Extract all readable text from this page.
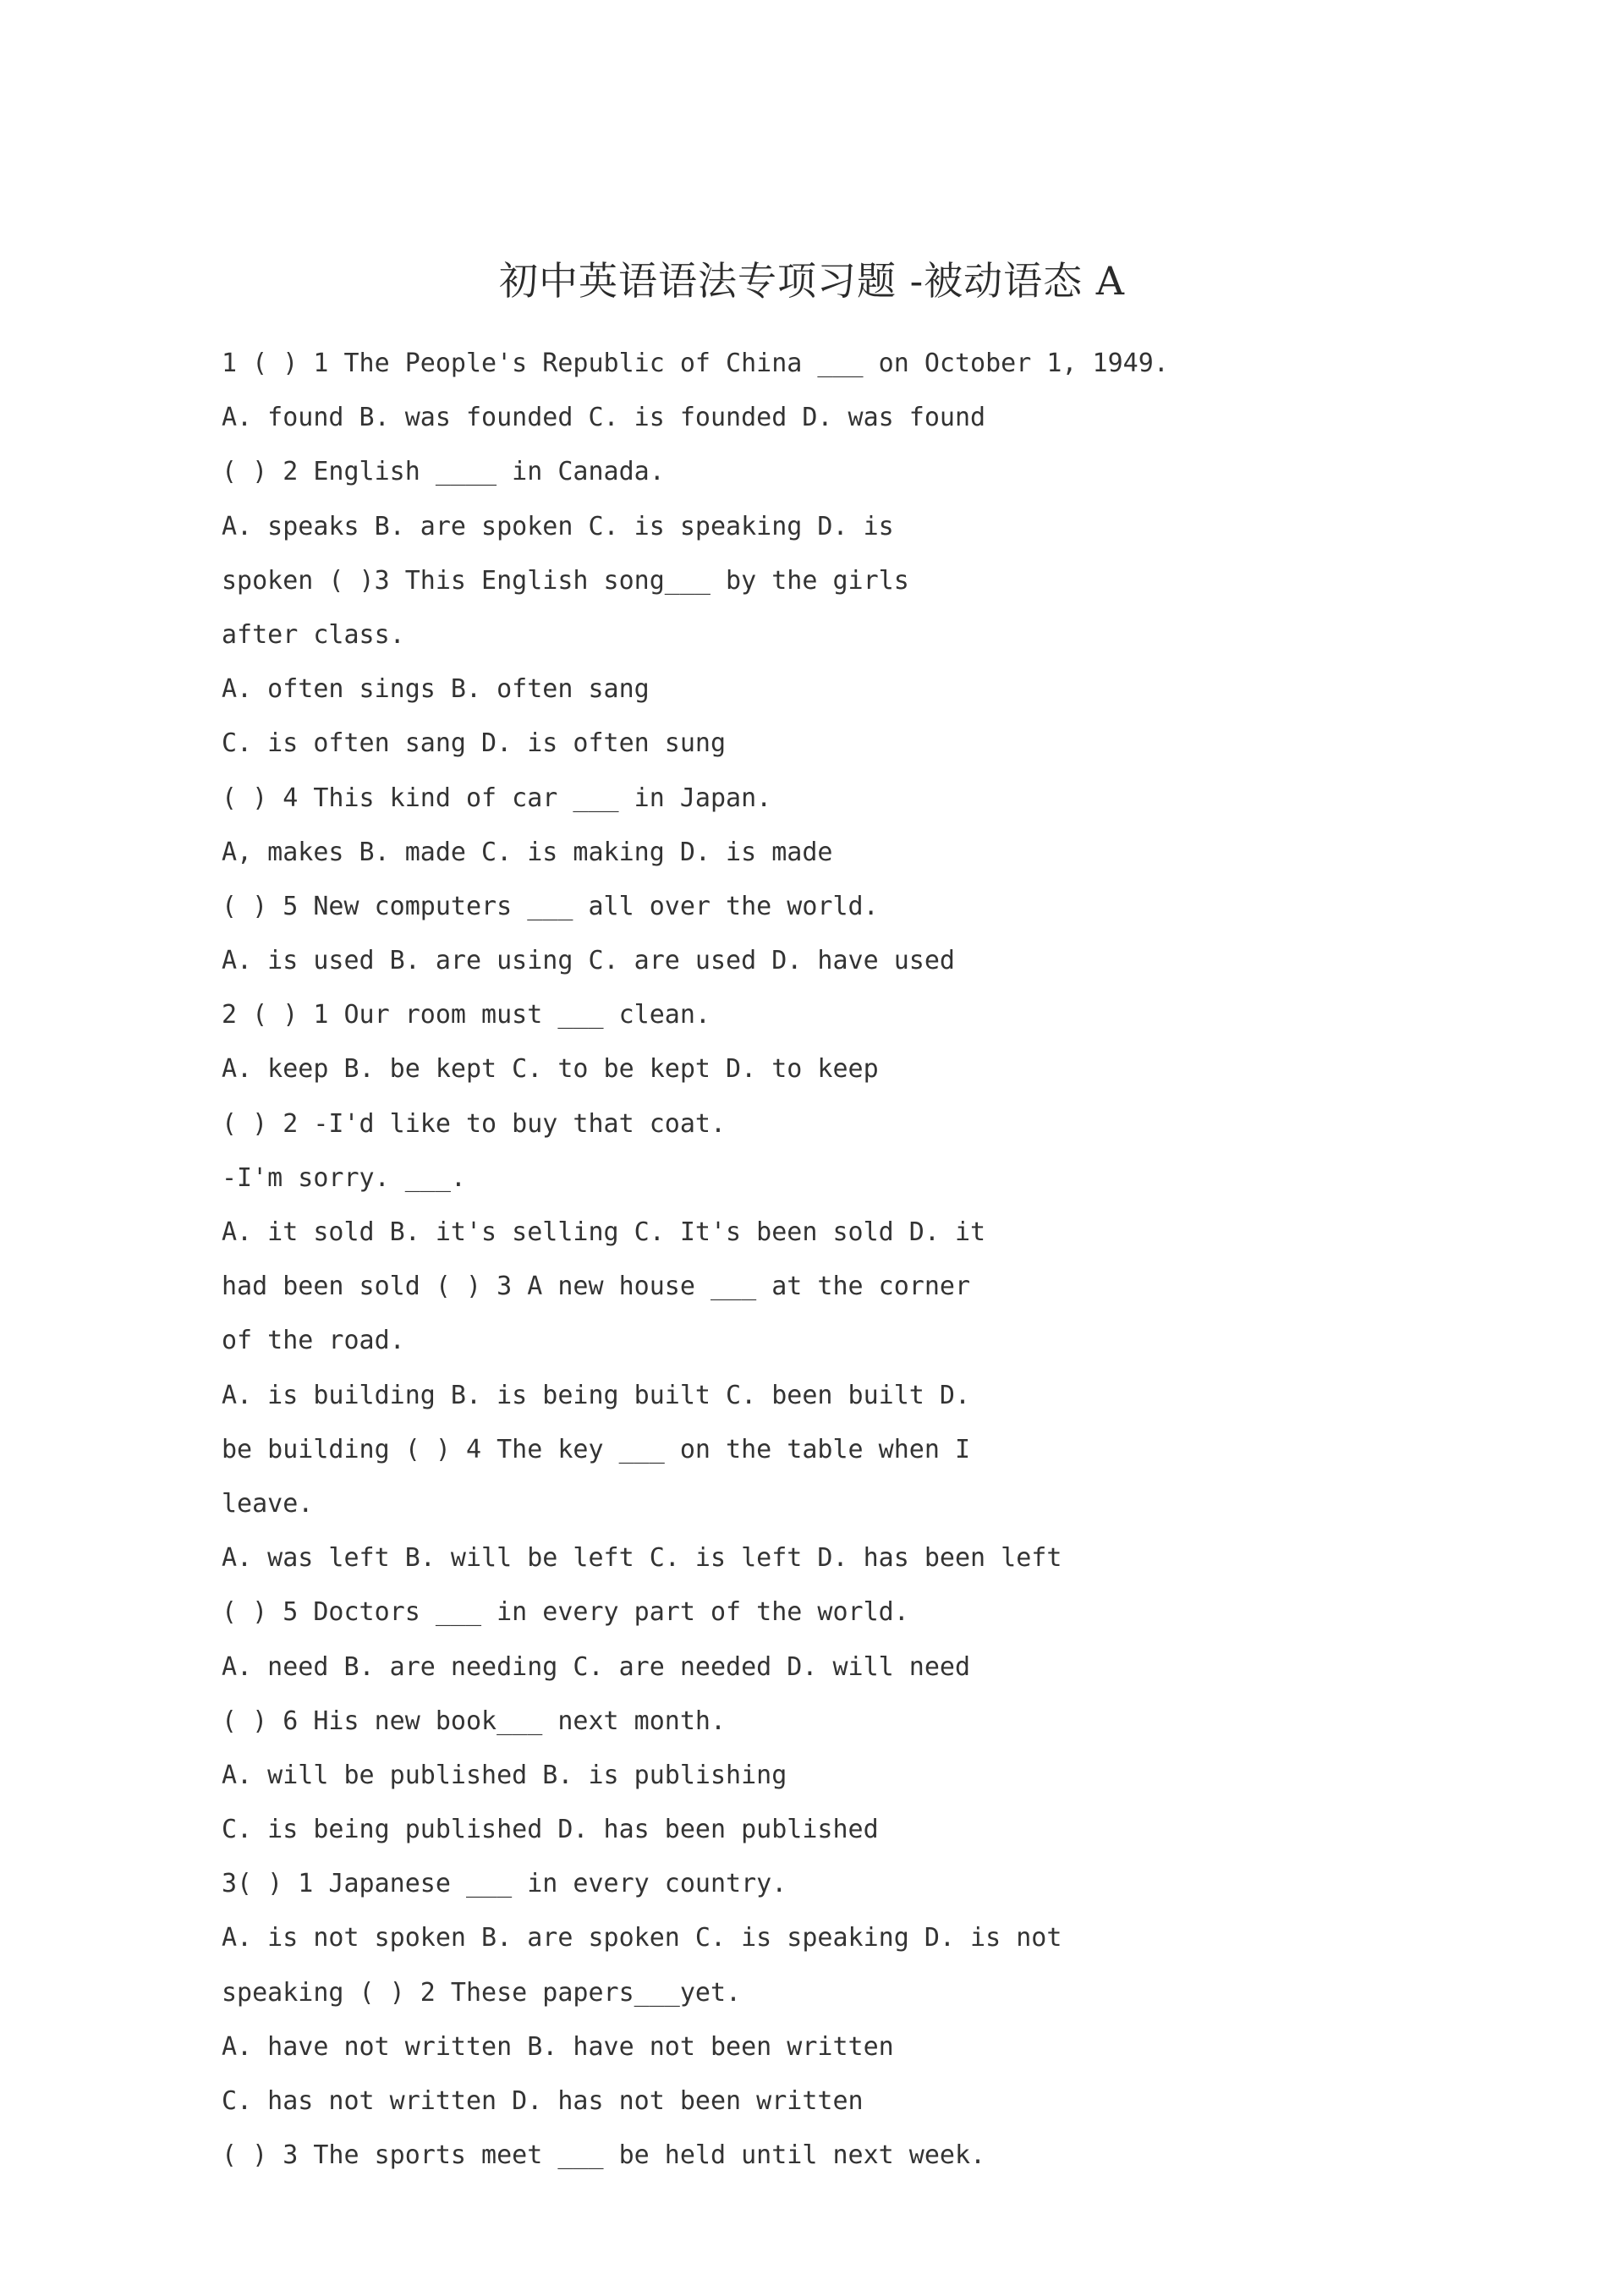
初中英语语法专项习题 -被动语态 A
1 ( ) 1 The People's Republic of China ___ on October 1, 1949.
A. found B. was founded C. is founded D. was found
( ) 2 English ____ in Canada.
A. speaks B. are spoken C. is speaking D. is
spoken ( )3 This English song___ by the girls
after class.
A. often sings B. often sang
C. is often sang D. is often sung
( ) 4 This kind of car ___ in Japan.
A, makes B. made C. is making D. is made
( ) 5 New computers ___ all over the world.
A. is used B. are using C. are used D. have used
2 ( ) 1 Our room must ___ clean.
A. keep B. be kept C. to be kept D. to keep
( ) 2 -I'd like to buy that coat.
-I'm sorry. ___.
A. it sold B. it's selling C. It's been sold D. it
had been sold ( ) 3 A new house ___ at the corner
of the road.
A. is building B. is being built C. been built D.
be building ( ) 4 The key ___ on the table when I
leave.
A. was left B. will be left C. is left D. has been left
( ) 5 Doctors ___ in every part of the world.
A. need B. are needing C. are needed D. will need
( ) 6 His new book___ next month.
A. will be published B. is publishing
C. is being published D. has been published
3( ) 1 Japanese ___ in every country.
A. is not spoken B. are spoken C. is speaking D. is not
speaking ( ) 2 These papers___yet.
A. have not written B. have not been written
C. has not written D. has not been written
( ) 3 The sports meet ___ be held until next week.
